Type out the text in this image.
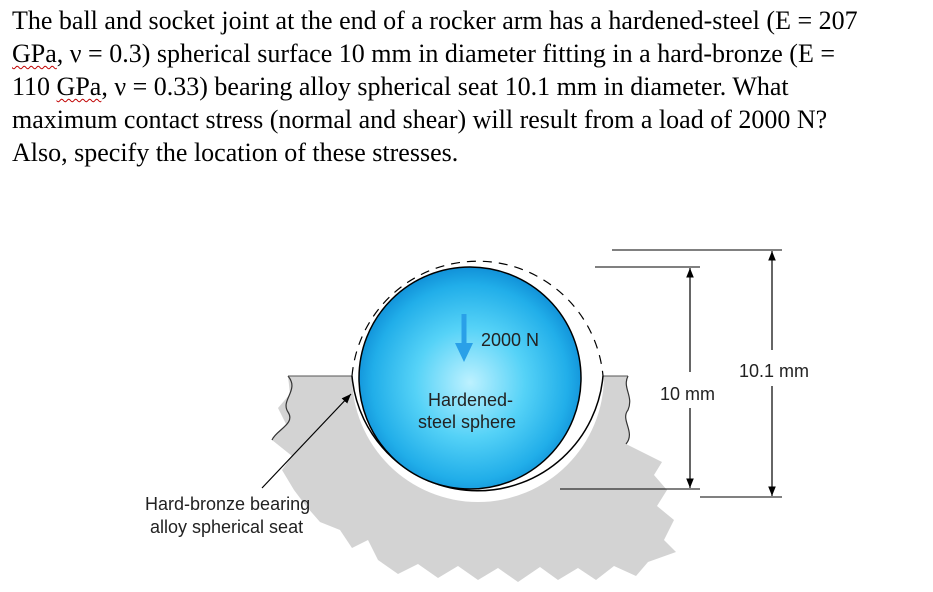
The ball and socket joint at the end of a rocker arm has a hardened-steel (E = 207
GPa, ν = 0.3) spherical surface 10 mm in diameter fitting in a hard-bronze (E =
110 GPa, ν = 0.33) bearing alloy spherical seat 10.1 mm in diameter. What
maximum contact stress (normal and shear) will result from a load of 2000 N?
Also, specify the location of these stresses.
2000 N
Hardened-
steel sphere
Hard-bronze bearing
alloy spherical seat
10 mm
10.1 mm
